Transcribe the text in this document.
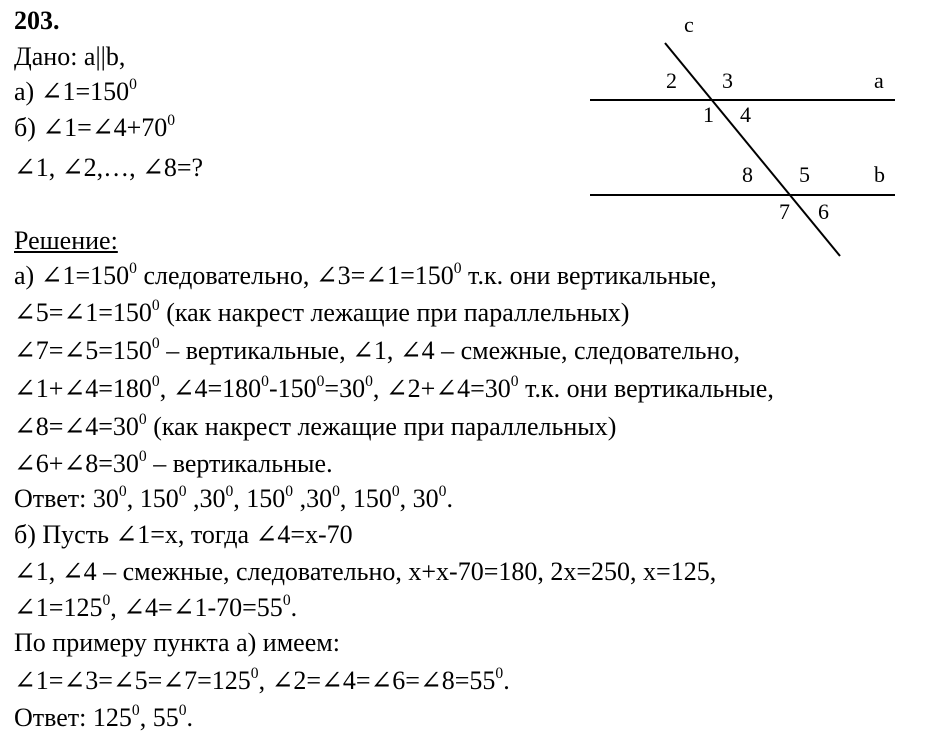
203.
Дано: a||b,
а) $\angle 1=150^0$
б) $\angle 1=\angle 4+70^0$
∠1, ∠2,…, ∠8=?
Решение:
а) $\angle 1=150^0$ следовательно, $\angle 3=\angle 1=150^0$ т.к. они вертикальные,
$\angle 5=\angle 1=150^0$ (как накрест лежащие при параллельных)
$\angle 7=\angle 5=150^0$ – вертикальные, ∠1, ∠4 – смежные, следовательно,
$\angle 1+\angle 4=180^0$, $\angle 4=180^0-150^0=30^0$, $\angle 2+\angle 4=30^0$ т.к. они вертикальные,
$\angle 8=\angle 4=30^0$ (как накрест лежащие при параллельных)
$\angle 6+\angle 8=30^0$ – вертикальные.
Ответ: $30^0$, $150^0$ $,30^0$, $150^0$ $,30^0$, $150^0$, $30^0$.
б) Пусть ∠1=x, тогда ∠4=x-70
∠1, ∠4 – смежные, следовательно, x+x-70=180, 2x=250, x=125,
$\angle 1=125^0$, $\angle 4=\angle 1-70=55^0$.
По примеру пункта а) имеем:
$\angle 1=\angle 3=\angle 5=\angle 7=125^0$, $\angle 2=\angle 4=\angle 6=\angle 8=55^0$.
Ответ: $125^0$, $55^0$.
c
a
b
1
2 3
4
5
6
7
8
